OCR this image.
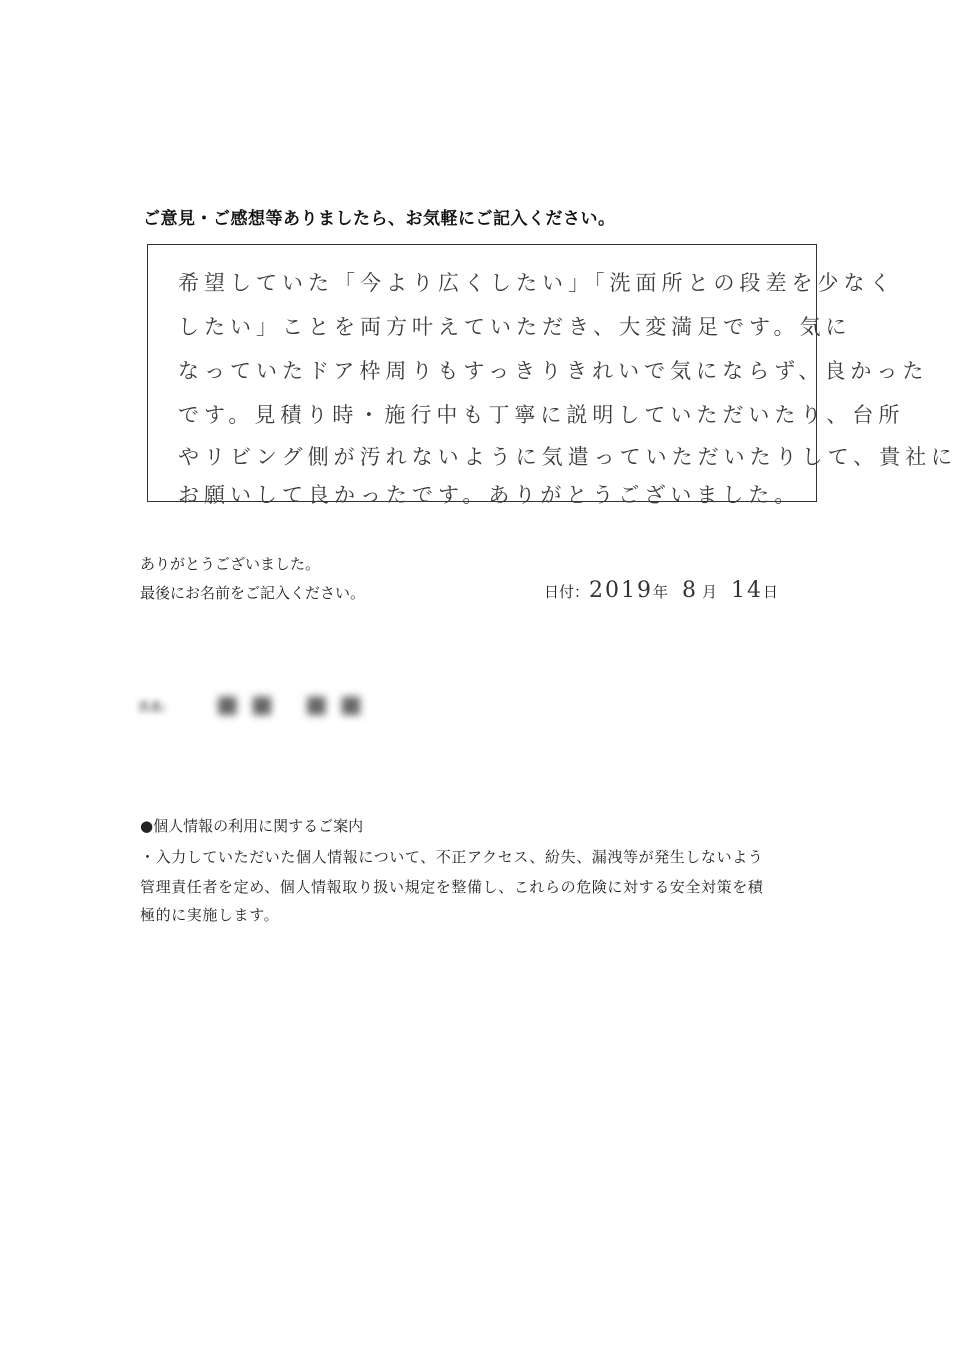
ご意見・ご感想等ありましたら、お気軽にご記入ください。
希望していた「今より広くしたい」「洗面所との段差を少なく
したい」ことを両方叶えていただき、大変満足です。気に
なっていたドア枠周りもすっきりきれいで気にならず、良かった
です。見積り時・施行中も丁寧に説明していただいたり、台所
やリビング側が汚れないように気遣っていただいたりして、貴社に
お願いして良かったです。ありがとうございました。
ありがとうございました。
最後にお名前をご記入ください。	日付：2019年 8 月 14日
氏名： ■■ ■■
●個人情報の利用に関するご案内
・入力していただいた個人情報について、不正アクセス、紛失、漏洩等が発生しないよう
管理責任者を定め、個人情報取り扱い規定を整備し、これらの危険に対する安全対策を積
極的に実施します。
